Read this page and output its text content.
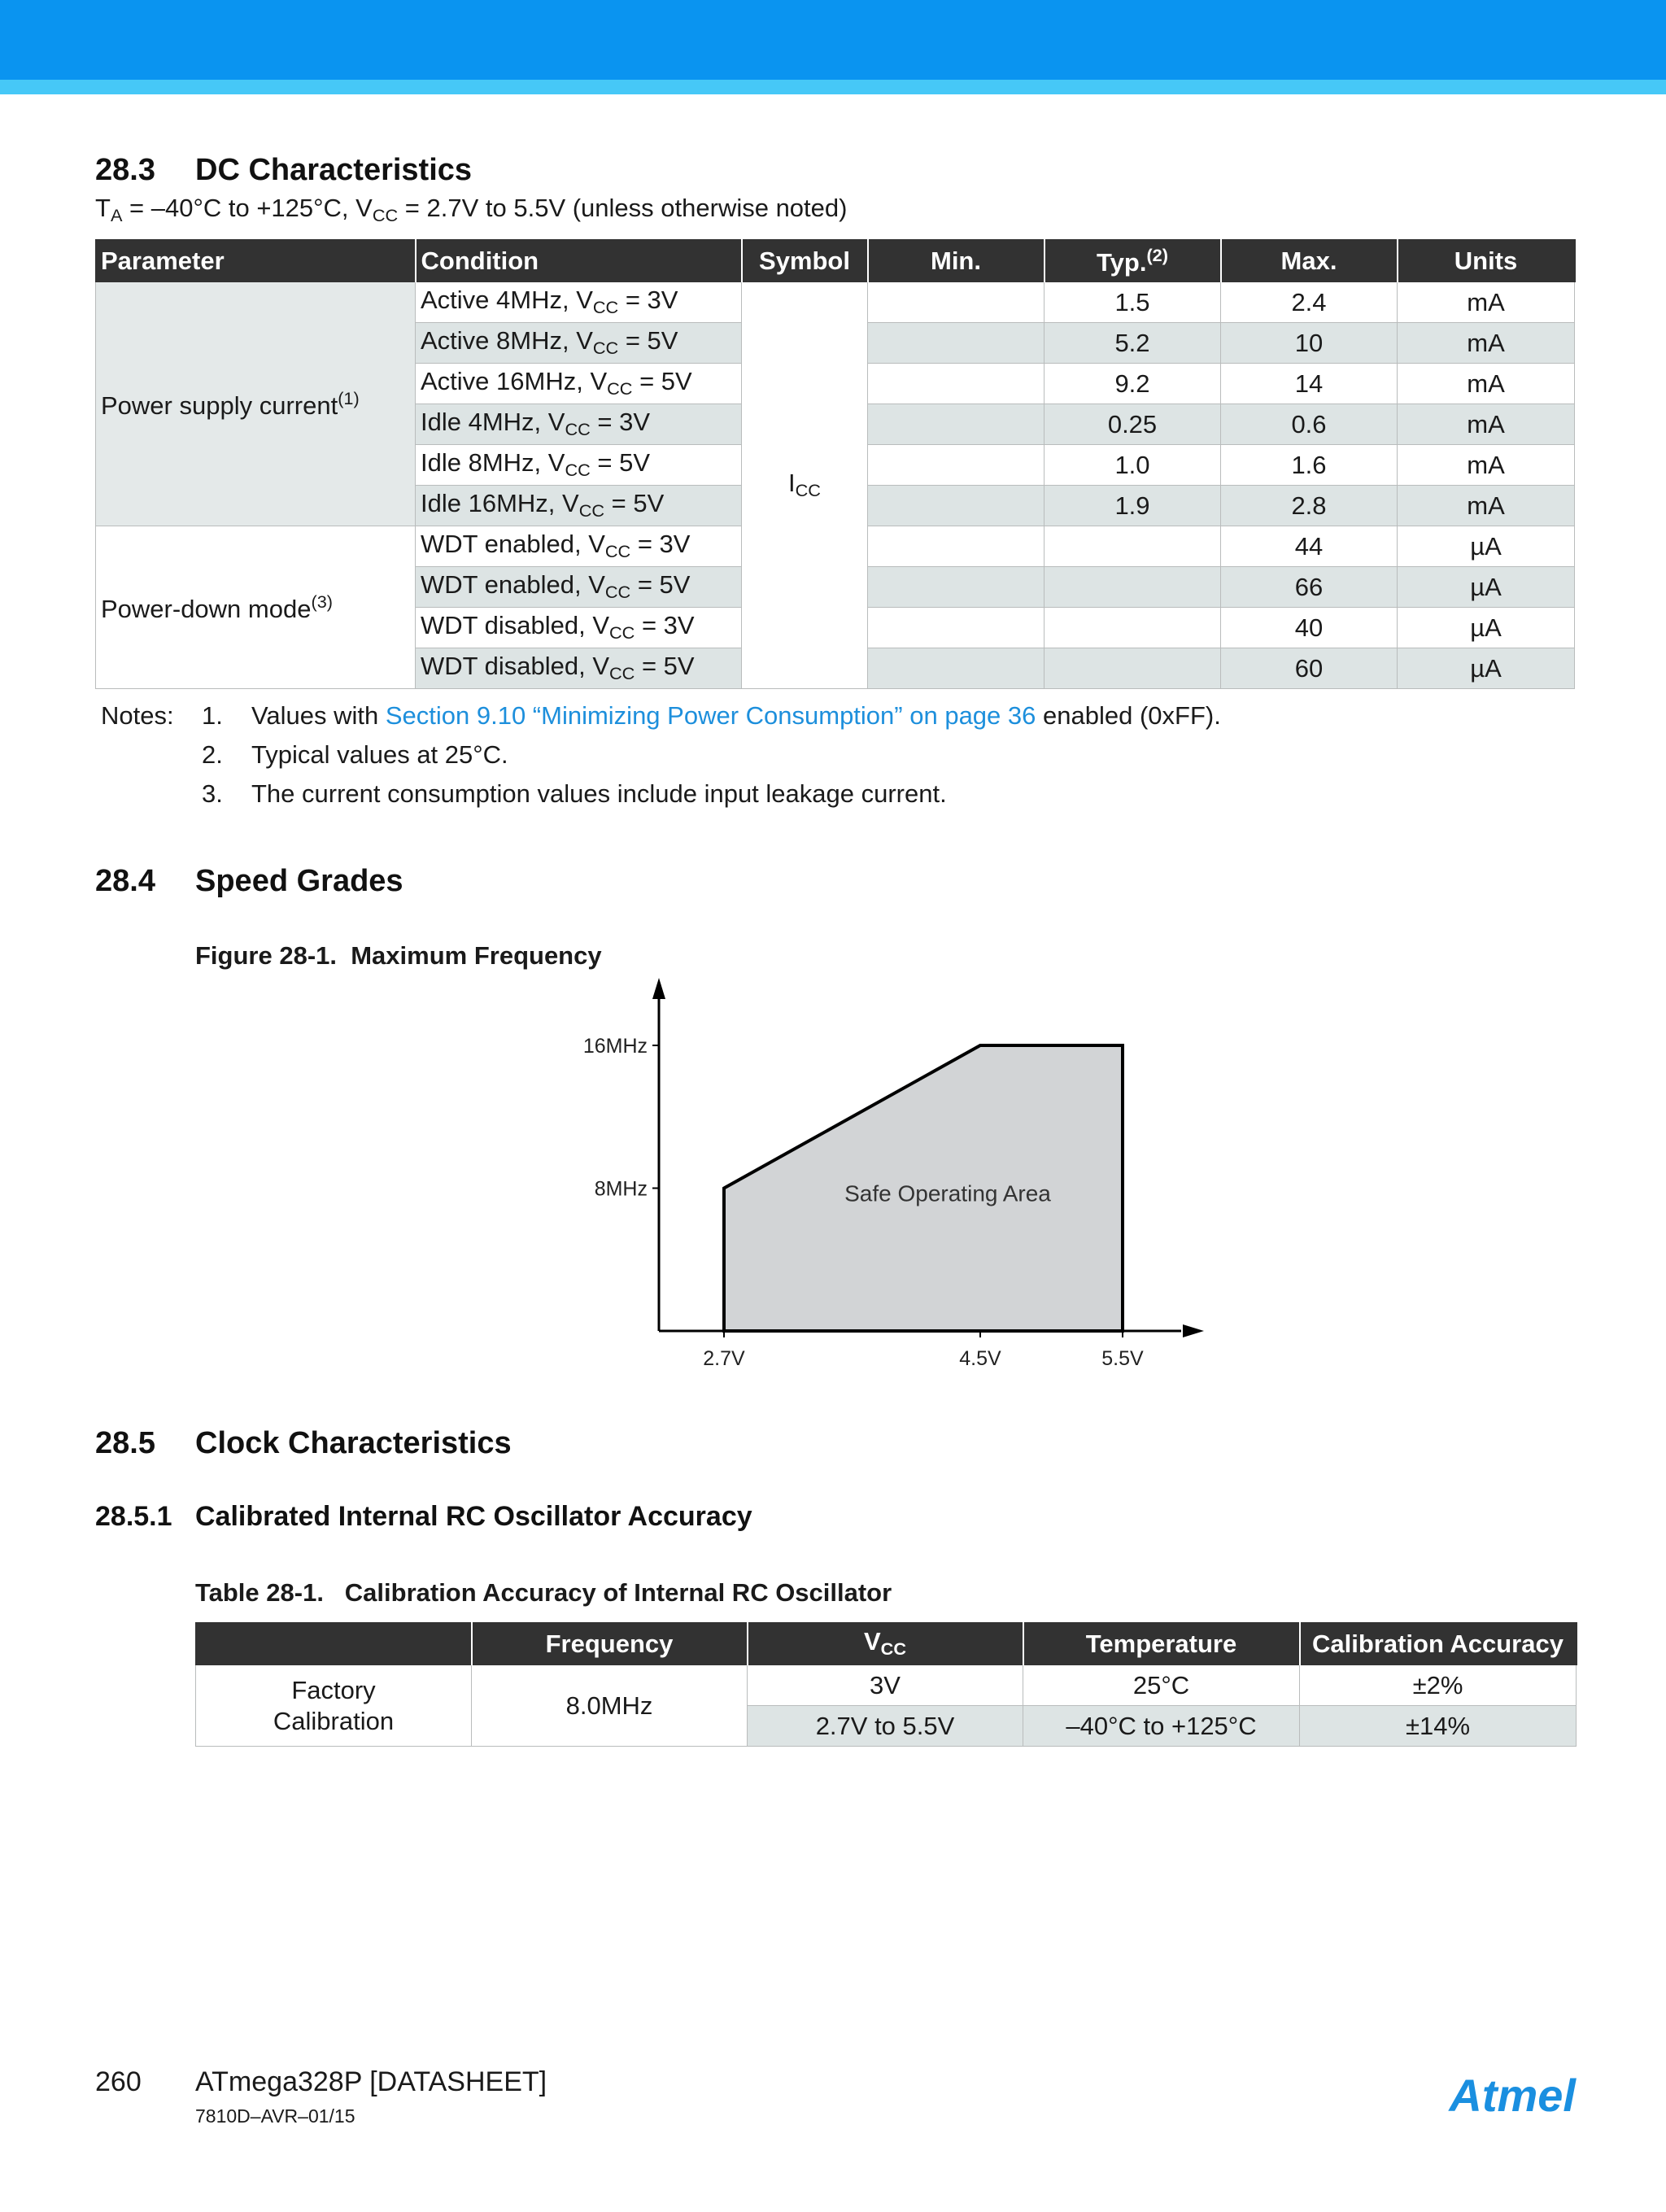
28.3 DC Characteristics
$T_A = -40^\circ C$ to +125°C, $V_{CC} = 2.7V$ to 5.5V (unless otherwise noted)
Parameter	Condition	Symbol	Min.	Typ.$^{(2)}$	Max.	Units
Power supply current$^{(1)}$	Active 4MHz, $V_{CC} = 3V$	$I_{CC}$		1.5	2.4	mA
	Active 8MHz, $V_{CC} = 5V$			5.2	10	mA
	Active 16MHz, $V_{CC} = 5V$			9.2	14	mA
	Idle 4MHz, $V_{CC} = 3V$			0.25	0.6	mA
	Idle 8MHz, $V_{CC} = 5V$			1.0	1.6	mA
	Idle 16MHz, $V_{CC} = 5V$			1.9	2.8	mA
Power-down mode$^{(3)}$	WDT enabled, $V_{CC} = 3V$				44	µA
	WDT enabled, $V_{CC} = 5V$				66	µA
	WDT disabled, $V_{CC} = 3V$				40	µA
	WDT disabled, $V_{CC} = 5V$				60	µA
Notes: 1. Values with Section 9.10 “Minimizing Power Consumption” on page 36 enabled (0xFF).
2. Typical values at 25°C.
3. The current consumption values include input leakage current.
28.4 Speed Grades
Figure 28-1. Maximum Frequency
8MHz
16MHz
2.7V	4.5V	5.5V
Safe Operating Area
28.5 Clock Characteristics
28.5.1 Calibrated Internal RC Oscillator Accuracy
Table 28-1. Calibration Accuracy of Internal RC Oscillator
	Frequency	$V_{CC}$	Temperature	Calibration Accuracy
Factory
Calibration	8.0MHz	3V	25°C	±2%
		2.7V to 5.5V	–40°C to +125°C	±14%
260 ATmega328P [DATASHEET]
7810D–AVR–01/15	Atmel
